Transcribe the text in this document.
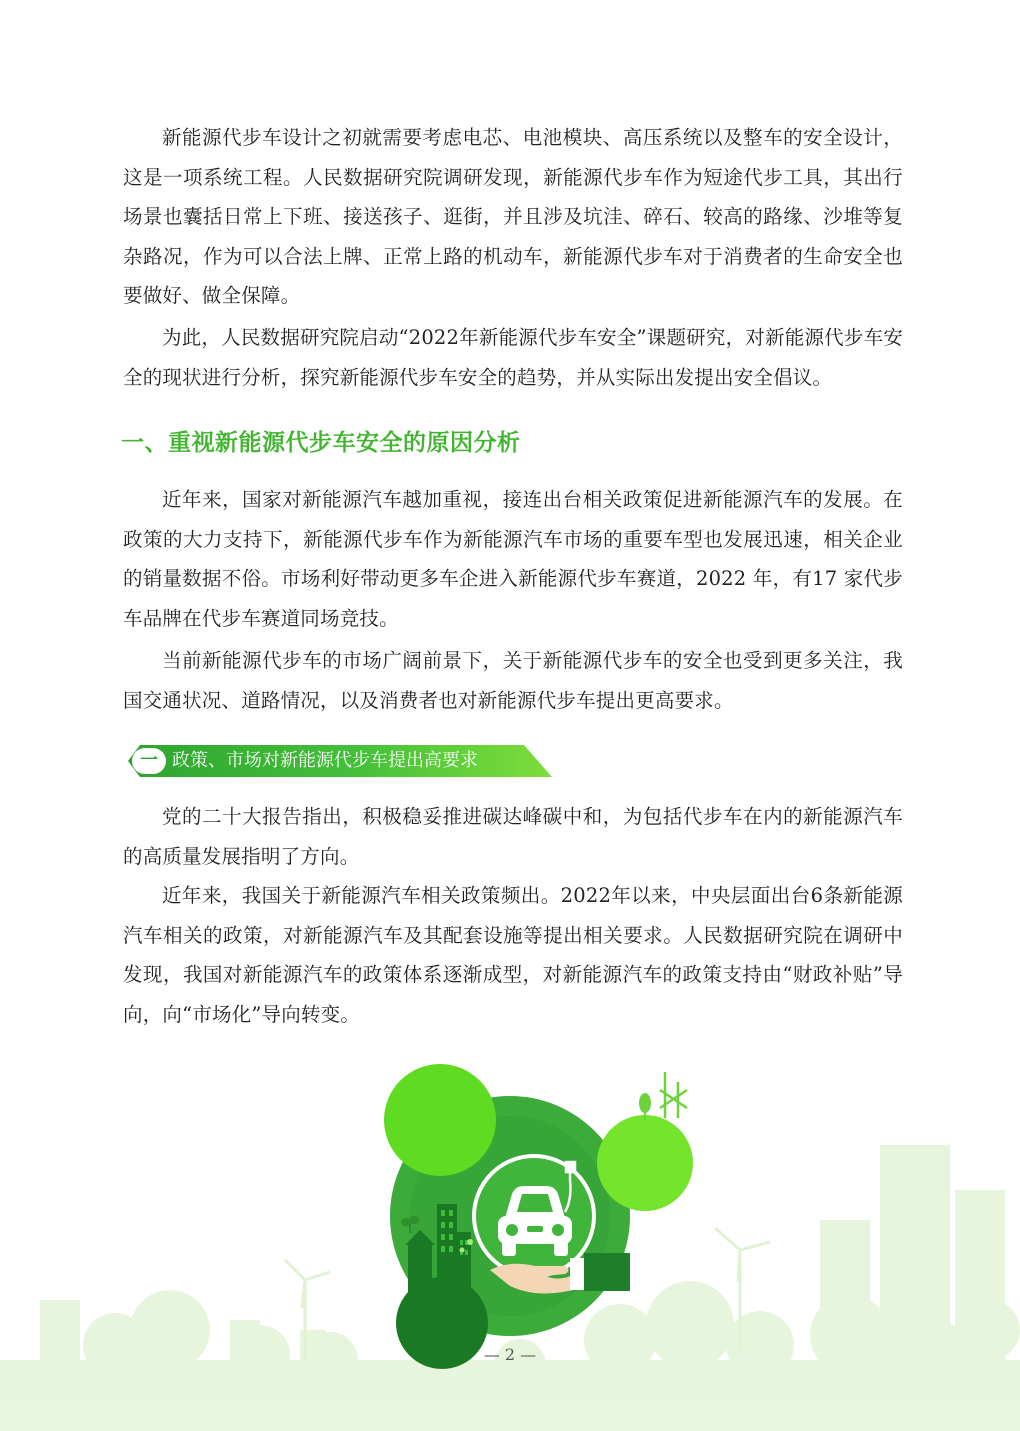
新能源代步车设计之初就需要考虑电芯、电池模块、高压系统以及整车的安全设计，这是一项系统工程。人民数据研究院调研发现，新能源代步车作为短途代步工具，其出行场景也囊括日常上下班、接送孩子、逛街，并且涉及坑洼、碎石、较高的路缘、沙堆等复杂路况，作为可以合法上牌、正常上路的机动车，新能源代步车对于消费者的生命安全也要做好、做全保障。

为此，人民数据研究院启动“2022年新能源代步车安全”课题研究，对新能源代步车安全的现状进行分析，探究新能源代步车安全的趋势，并从实际出发提出安全倡议。

一、重视新能源代步车安全的原因分析

近年来，国家对新能源汽车越加重视，接连出台相关政策促进新能源汽车的发展。在政策的大力支持下，新能源代步车作为新能源汽车市场的重要车型也发展迅速，相关企业的销量数据不俗。市场利好带动更多车企进入新能源代步车赛道，2022 年，有17 家代步车品牌在代步车赛道同场竞技。

当前新能源代步车的市场广阔前景下，关于新能源代步车的安全也受到更多关注，我国交通状况、道路情况，以及消费者也对新能源代步车提出更高要求。

一 政策、市场对新能源代步车提出高要求

党的二十大报告指出，积极稳妥推进碳达峰碳中和，为包括代步车在内的新能源汽车的高质量发展指明了方向。

近年来，我国关于新能源汽车相关政策频出。2022年以来，中央层面出台6条新能源汽车相关的政策，对新能源汽车及其配套设施等提出相关要求。人民数据研究院在调研中发现，我国对新能源汽车的政策体系逐渐成型，对新能源汽车的政策支持由“财政补贴”导向，向“市场化”导向转变。

— 2 —
